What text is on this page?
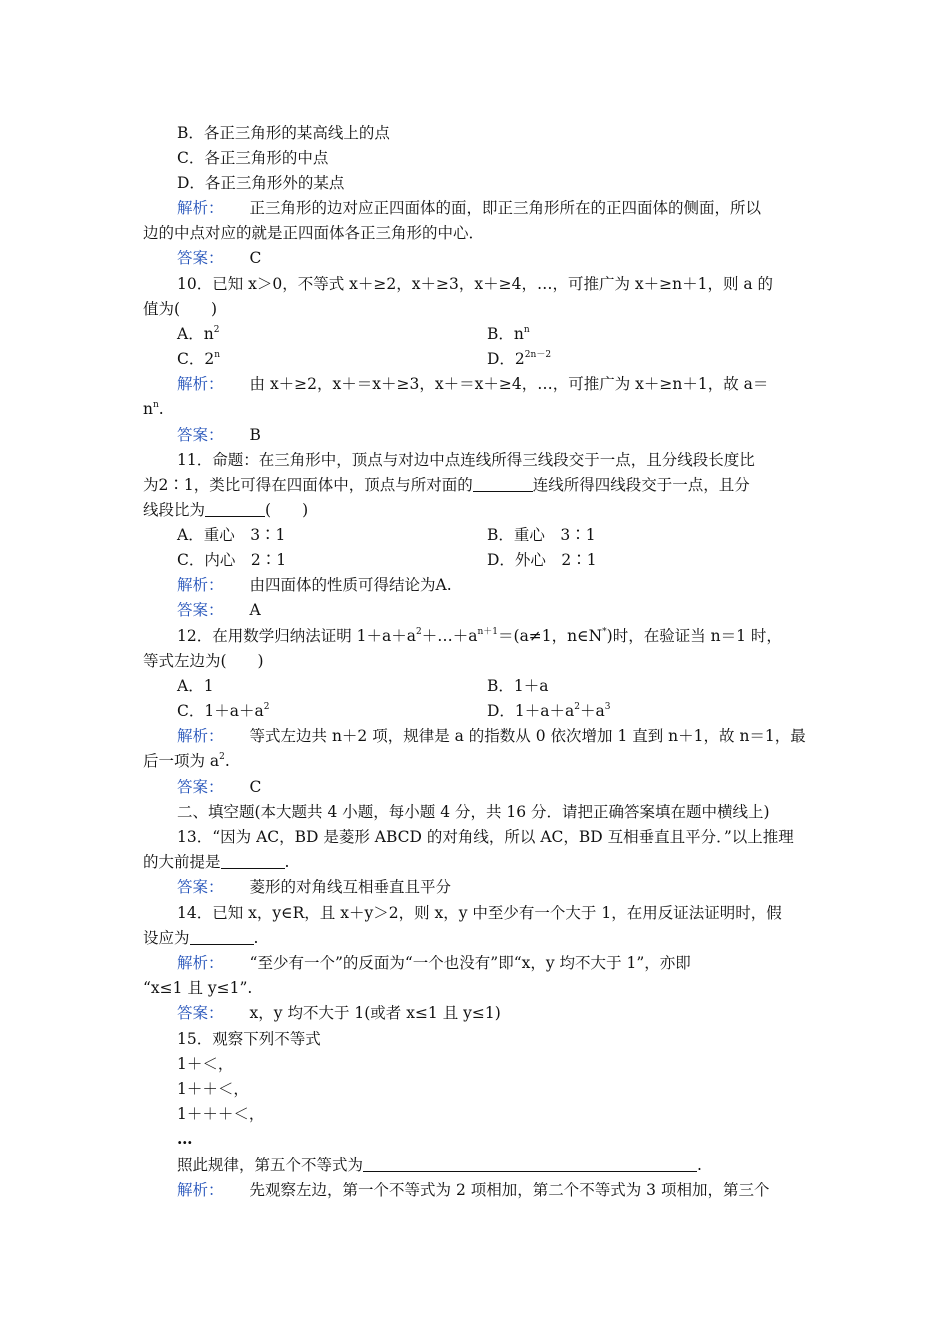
B．各正三角形的某高线上的点
C．各正三角形的中点
D．各正三角形外的某点
解析： 正三角形的边对应正四面体的面，即正三角形所在的正四面体的侧面，所以
边的中点对应的就是正四面体各正三角形的中心．
答案： C
10．已知 x＞0，不等式 x＋≥2，x＋≥3，x＋≥4，…，可推广为 x＋≥n＋1，则 a 的
值为(　　)
A．$n^2$	B．$n^n$
C．2$^n$	D．$2^{2n-2}$
解析： 由 x＋≥2，x＋＝x＋≥3，x＋＝x＋≥4，…，可推广为 x＋≥n＋1，故 a＝
$n^n$.
答案： B
11．命题：在三角形中，顶点与对边中点连线所得三线段交于一点，且分线段长度比
为2∶1，类比可得在四面体中，顶点与所对面的	连线所得四线段交于一点，且分
线段比为	(　　)
A．重心　3∶1	B．重心　3∶1
C．内心　2∶1	D．外心　2∶1
解析： 由四面体的性质可得结论为A.
答案： A
12．在用数学归纳法证明 $1+a+a^2+\dots+a^{n+1}=(a\ne 1$，n∈N*)时，在验证当 n＝1 时，
等式左边为(　　)
A．1	B．1＋a
C．$1+a+a^2$	D．$1+a+a^2+a^3$
解析： 等式左边共 n＋2 项，规律是 a 的指数从 0 依次增加 1 直到 n＋1，故 n＝1，最
后一项为 $a^2$.
答案： C
二、填空题(本大题共 4 小题，每小题 4 分，共 16 分．请把正确答案填在题中横线上)
13．“因为 AC，BD 是菱形 ABCD 的对角线，所以 AC，BD 互相垂直且平分．”以上推理
的大前提是	.
答案： 菱形的对角线互相垂直且平分
14．已知 x，y∈R，且 x＋y＞2，则 x，y 中至少有一个大于 1，在用反证法证明时，假
设应为	.
解析： “至少有一个”的反面为“一个也没有”即“x，y 均不大于 1”，亦即
“x≤1 且 y≤1”.
答案： x，y 均不大于 1(或者 x≤1 且 y≤1)
15．观察下列不等式
1＋＜，
1＋＋＜，
1＋＋＋＜，
…
照此规律，第五个不等式为	.
解析： 先观察左边，第一个不等式为 2 项相加，第二个不等式为 3 项相加，第三个
